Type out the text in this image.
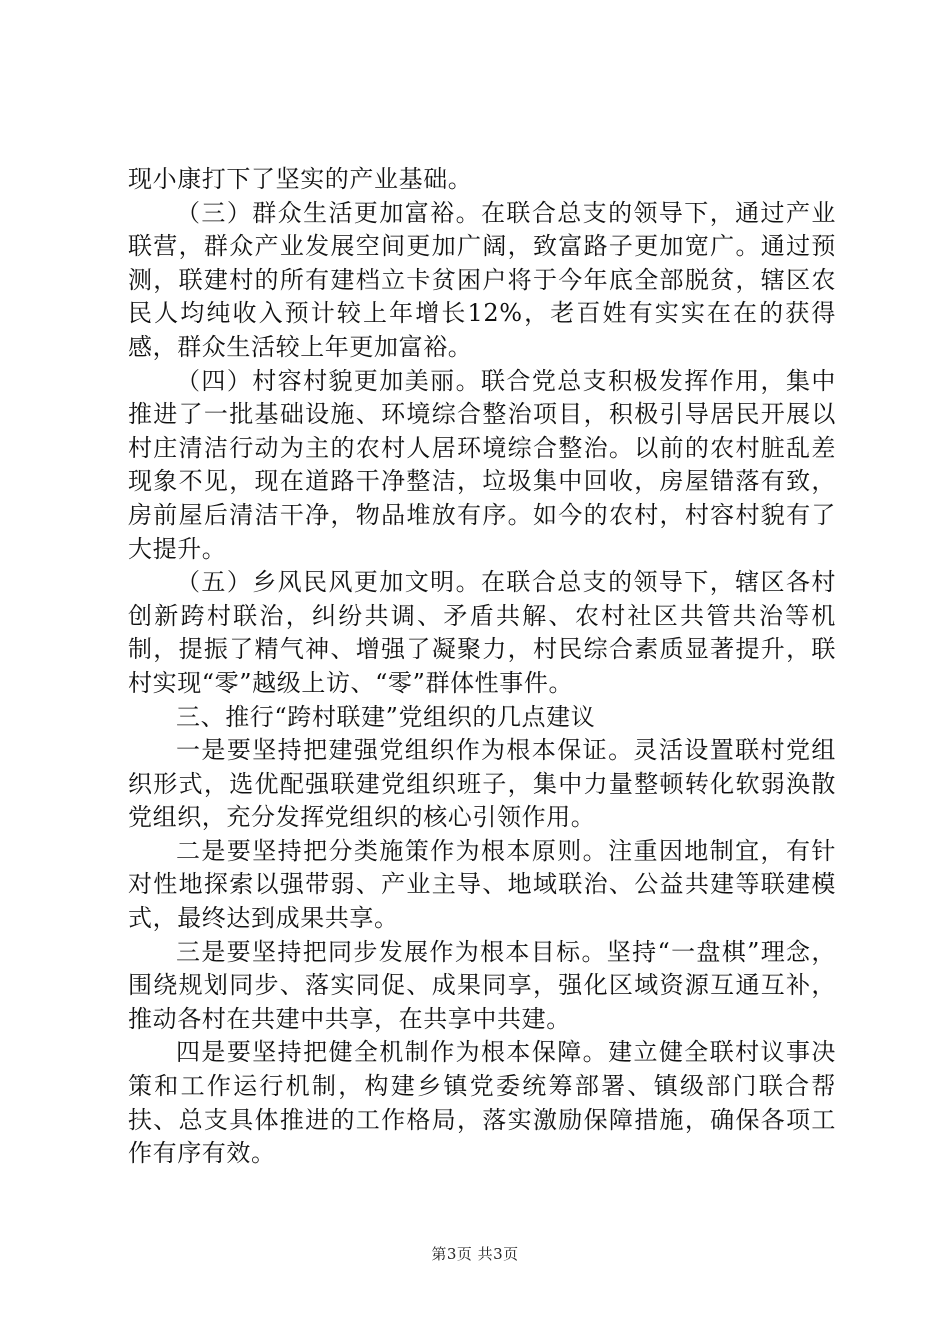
现小康打下了坚实的产业基础。

（三）群众生活更加富裕。在联合总支的领导下，通过产业联营，群众产业发展空间更加广阔，致富路子更加宽广。通过预测，联建村的所有建档立卡贫困户将于今年底全部脱贫，辖区农民人均纯收入预计较上年增长12%，老百姓有实实在在的获得感，群众生活较上年更加富裕。

（四）村容村貌更加美丽。联合党总支积极发挥作用，集中推进了一批基础设施、环境综合整治项目，积极引导居民开展以村庄清洁行动为主的农村人居环境综合整治。以前的农村脏乱差现象不见，现在道路干净整洁，垃圾集中回收，房屋错落有致，房前屋后清洁干净，物品堆放有序。如今的农村，村容村貌有了大提升。

（五）乡风民风更加文明。在联合总支的领导下，辖区各村创新跨村联治，纠纷共调、矛盾共解、农村社区共管共治等机制，提振了精气神、增强了凝聚力，村民综合素质显著提升，联村实现“零”越级上访、“零”群体性事件。

三、推行“跨村联建”党组织的几点建议

一是要坚持把建强党组织作为根本保证。灵活设置联村党组织形式，选优配强联建党组织班子，集中力量整顿转化软弱涣散党组织，充分发挥党组织的核心引领作用。

二是要坚持把分类施策作为根本原则。注重因地制宜，有针对性地探索以强带弱、产业主导、地域联治、公益共建等联建模式，最终达到成果共享。

三是要坚持把同步发展作为根本目标。坚持“一盘棋”理念，围绕规划同步、落实同促、成果同享，强化区域资源互通互补，推动各村在共建中共享，在共享中共建。

四是要坚持把健全机制作为根本保障。建立健全联村议事决策和工作运行机制，构建乡镇党委统筹部署、镇级部门联合帮扶、总支具体推进的工作格局，落实激励保障措施，确保各项工作有序有效。

第3页 共3页
